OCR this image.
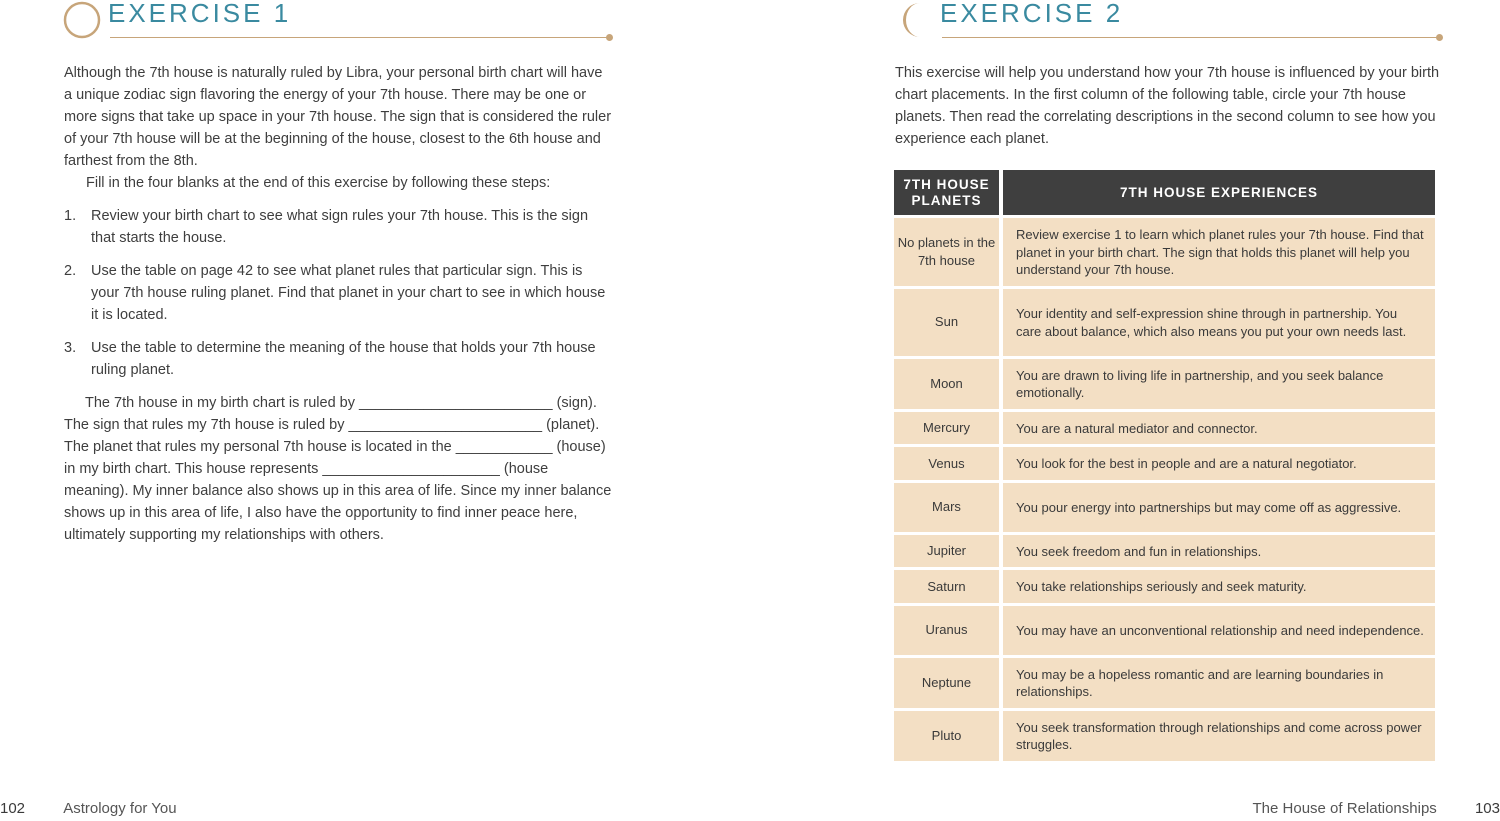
EXERCISE 1

Although the 7th house is naturally ruled by Libra, your personal birth chart will have a unique zodiac sign flavoring the energy of your 7th house. There may be one or more signs that take up space in your 7th house. The sign that is considered the ruler of your 7th house will be at the beginning of the house, closest to the 6th house and farthest from the 8th.

Fill in the four blanks at the end of this exercise by following these steps:

1. Review your birth chart to see what sign rules your 7th house. This is the sign that starts the house.
2. Use the table on page 42 to see what planet rules that particular sign. This is your 7th house ruling planet. Find that planet in your chart to see in which house it is located.
3. Use the table to determine the meaning of the house that holds your 7th house ruling planet.

The 7th house in my birth chart is ruled by ________________________ (sign). The sign that rules my 7th house is ruled by ________________________ (planet). The planet that rules my personal 7th house is located in the ____________ (house) in my birth chart. This house represents ______________________ (house meaning). My inner balance also shows up in this area of life. Since my inner balance shows up in this area of life, I also have the opportunity to find inner peace here, ultimately supporting my relationships with others.

102	Astrology for You
EXERCISE 2

This exercise will help you understand how your 7th house is influenced by your birth chart placements. In the first column of the following table, circle your 7th house planets. Then read the correlating descriptions in the second column to see how you experience each planet.

7TH HOUSE PLANETS	7TH HOUSE EXPERIENCES
No planets in the 7th house	Review exercise 1 to learn which planet rules your 7th house. Find that planet in your birth chart. The sign that holds this planet will help you understand your 7th house.
Sun	Your identity and self-expression shine through in partnership. You care about balance, which also means you put your own needs last.
Moon	You are drawn to living life in partnership, and you seek balance emotionally.
Mercury	You are a natural mediator and connector.
Venus	You look for the best in people and are a natural negotiator.
Mars	You pour energy into partnerships but may come off as aggressive.
Jupiter	You seek freedom and fun in relationships.
Saturn	You take relationships seriously and seek maturity.
Uranus	You may have an unconventional relationship and need independence.
Neptune	You may be a hopeless romantic and are learning boundaries in relationships.
Pluto	You seek transformation through relationships and come across power struggles.
The House of Relationships	103
